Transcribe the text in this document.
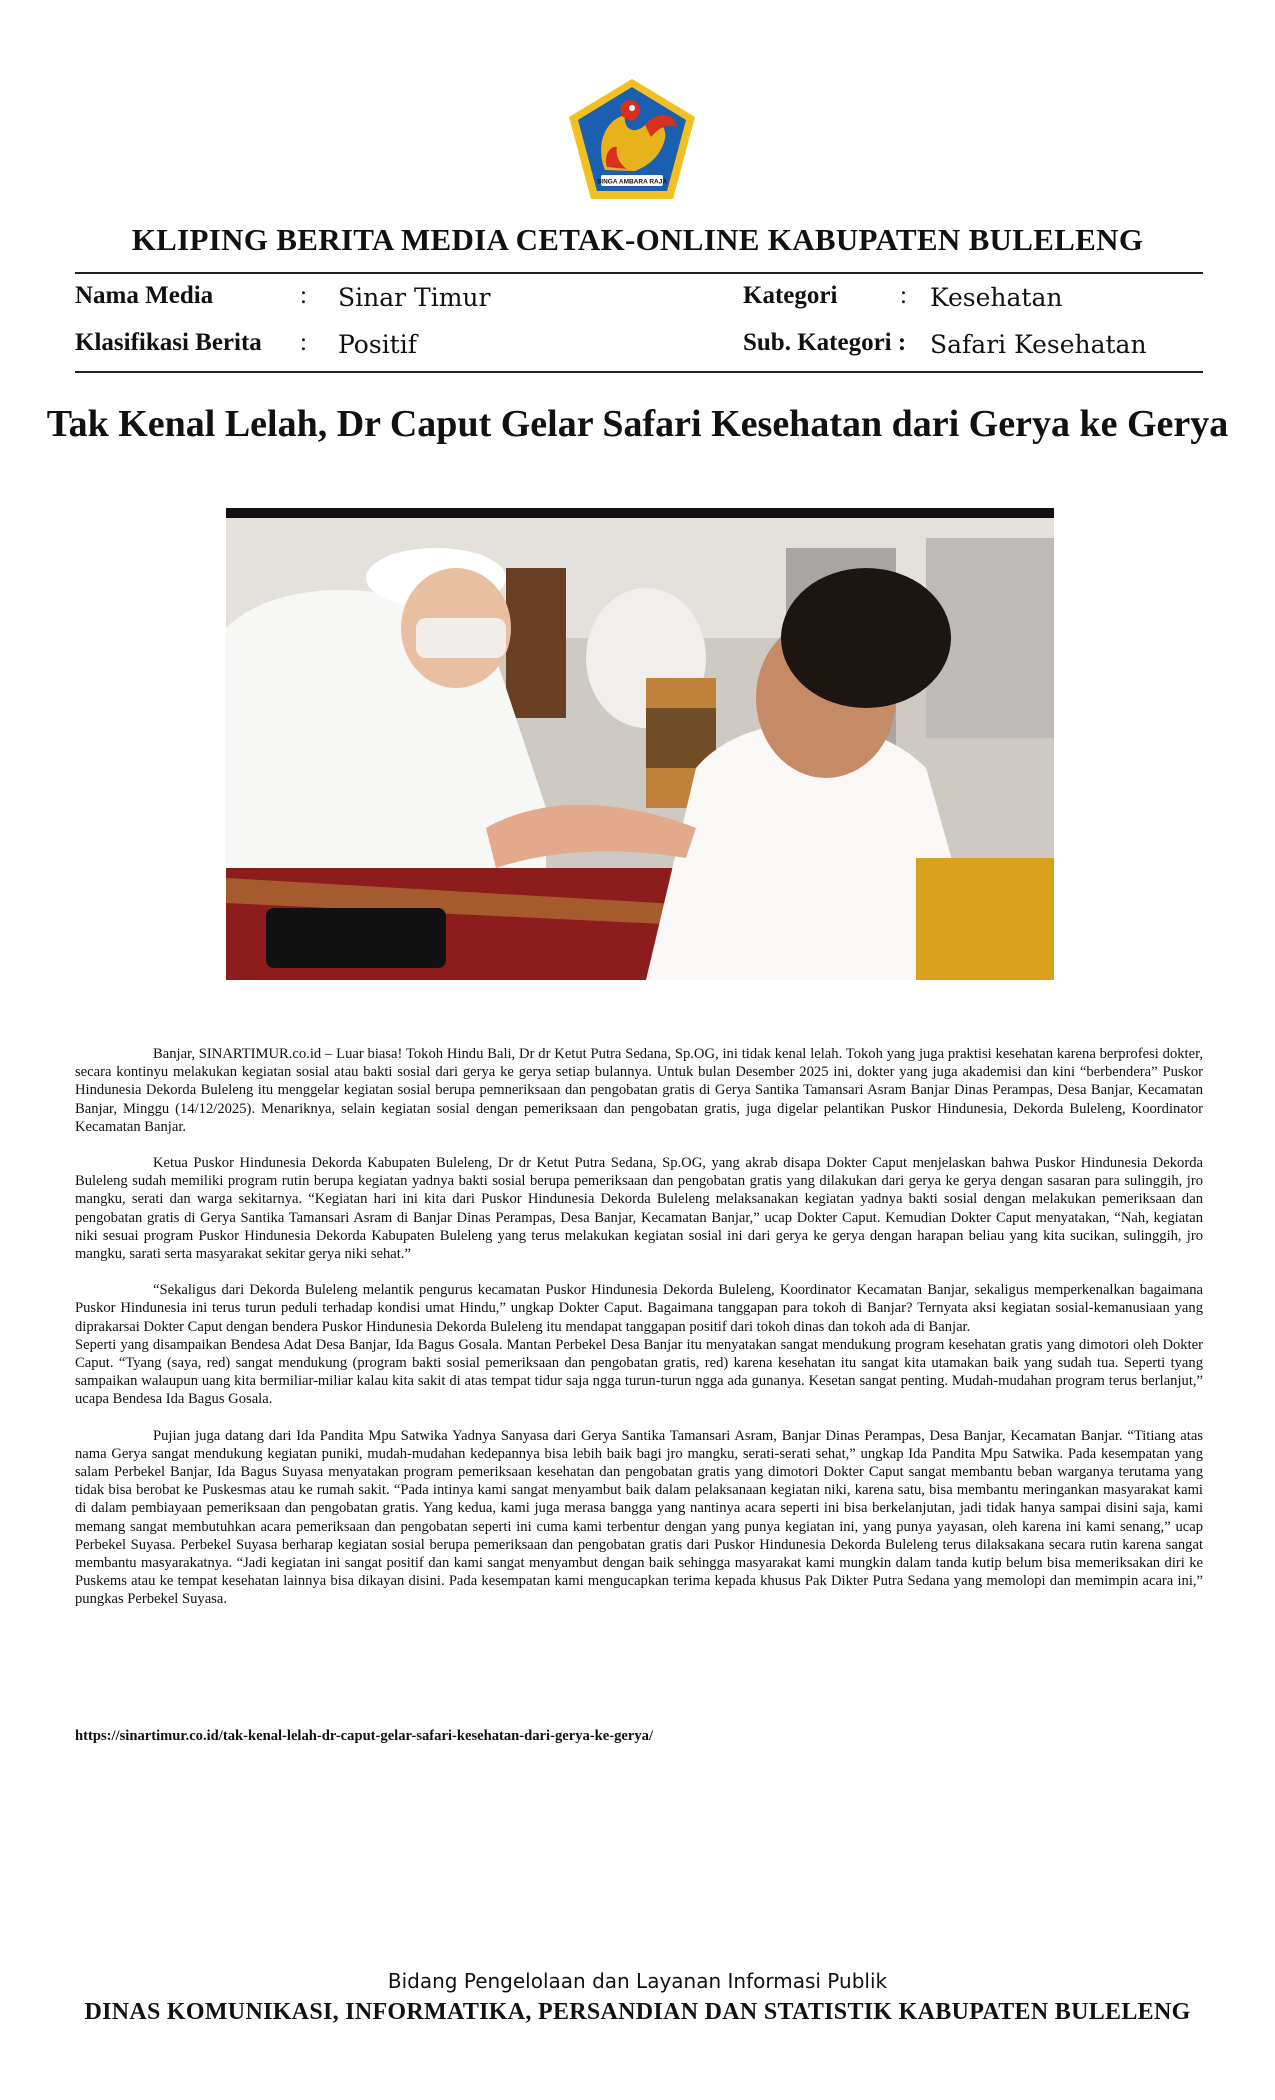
SINGA AMBARA RAJA
KLIPING BERITA MEDIA CETAK-ONLINE KABUPATEN BULELENG
Nama Media	: Sinar Timur
Klasifikasi Berita : Positif
Kategori	: Kesehatan
Sub. Kategori : Safari Kesehatan
Tak Kenal Lelah, Dr Caput Gelar Safari Kesehatan dari Gerya ke Gerya

Banjar, SINARTIMUR.co.id – Luar biasa! Tokoh Hindu Bali, Dr dr Ketut Putra Sedana, Sp.OG, ini tidak kenal lelah. Tokoh yang juga praktisi kesehatan karena berprofesi dokter, secara kontinyu melakukan kegiatan sosial atau bakti sosial dari gerya ke gerya setiap bulannya. Untuk bulan Desember 2025 ini, dokter yang juga akademisi dan kini “berbendera” Puskor Hindunesia Dekorda Buleleng itu menggelar kegiatan sosial berupa pemneriksaan dan pengobatan gratis di Gerya Santika Tamansari Asram Banjar Dinas Perampas, Desa Banjar, Kecamatan Banjar, Minggu (14/12/2025). Menariknya, selain kegiatan sosial dengan pemeriksaan dan pengobatan gratis, juga digelar pelantikan Puskor Hindunesia, Dekorda Buleleng, Koordinator Kecamatan Banjar.

Ketua Puskor Hindunesia Dekorda Kabupaten Buleleng, Dr dr Ketut Putra Sedana, Sp.OG, yang akrab disapa Dokter Caput menjelaskan bahwa Puskor Hindunesia Dekorda Buleleng sudah memiliki program rutin berupa kegiatan yadnya bakti sosial berupa pemeriksaan dan pengobatan gratis yang dilakukan dari gerya ke gerya dengan sasaran para sulinggih, jro mangku, serati dan warga sekitarnya. “Kegiatan hari ini kita dari Puskor Hindunesia Dekorda Buleleng melaksanakan kegiatan yadnya bakti sosial dengan melakukan pemeriksaan dan pengobatan gratis di Gerya Santika Tamansari Asram di Banjar Dinas Perampas, Desa Banjar, Kecamatan Banjar,” ucap Dokter Caput. Kemudian Dokter Caput menyatakan, “Nah, kegiatan niki sesuai program Puskor Hindunesia Dekorda Kabupaten Buleleng yang terus melakukan kegiatan sosial ini dari gerya ke gerya dengan harapan beliau yang kita sucikan, sulinggih, jro mangku, sarati serta masyarakat sekitar gerya niki sehat.”

“Sekaligus dari Dekorda Buleleng melantik pengurus kecamatan Puskor Hindunesia Dekorda Buleleng, Koordinator Kecamatan Banjar, sekaligus memperkenalkan bagaimana Puskor Hindunesia ini terus turun peduli terhadap kondisi umat Hindu,” ungkap Dokter Caput. Bagaimana tanggapan para tokoh di Banjar? Ternyata aksi kegiatan sosial-kemanusiaan yang diprakarsai Dokter Caput dengan bendera Puskor Hindunesia Dekorda Buleleng itu mendapat tanggapan positif dari tokoh dinas dan tokoh ada di Banjar.

Seperti yang disampaikan Bendesa Adat Desa Banjar, Ida Bagus Gosala. Mantan Perbekel Desa Banjar itu menyatakan sangat mendukung program kesehatan gratis yang dimotori oleh Dokter Caput. “Tyang (saya, red) sangat mendukung (program bakti sosial pemeriksaan dan pengobatan gratis, red) karena kesehatan itu sangat kita utamakan baik yang sudah tua. Seperti tyang sampaikan walaupun uang kita bermiliar-miliar kalau kita sakit di atas tempat tidur saja ngga turun-turun ngga ada gunanya. Kesetan sangat penting. Mudah-mudahan program terus berlanjut,” ucapa Bendesa Ida Bagus Gosala.

Pujian juga datang dari Ida Pandita Mpu Satwika Yadnya Sanyasa dari Gerya Santika Tamansari Asram, Banjar Dinas Perampas, Desa Banjar, Kecamatan Banjar. “Titiang atas nama Gerya sangat mendukung kegiatan puniki, mudah-mudahan kedepannya bisa lebih baik bagi jro mangku, serati-serati sehat,” ungkap Ida Pandita Mpu Satwika. Pada kesempatan yang salam Perbekel Banjar, Ida Bagus Suyasa menyatakan program pemeriksaan kesehatan dan pengobatan gratis yang dimotori Dokter Caput sangat membantu beban warganya terutama yang tidak bisa berobat ke Puskesmas atau ke rumah sakit. “Pada intinya kami sangat menyambut baik dalam pelaksanaan kegiatan niki, karena satu, bisa membantu meringankan masyarakat kami di dalam pembiayaan pemeriksaan dan pengobatan gratis. Yang kedua, kami juga merasa bangga yang nantinya acara seperti ini bisa berkelanjutan, jadi tidak hanya sampai disini saja, kami memang sangat membutuhkan acara pemeriksaan dan pengobatan seperti ini cuma kami terbentur dengan yang punya kegiatan ini, yang punya yayasan, oleh karena ini kami senang,” ucap Perbekel Suyasa. Perbekel Suyasa berharap kegiatan sosial berupa pemeriksaan dan pengobatan gratis dari Puskor Hindunesia Dekorda Buleleng terus dilaksakana secara rutin karena sangat membantu masyarakatnya. “Jadi kegiatan ini sangat positif dan kami sangat menyambut dengan baik sehingga masyarakat kami mungkin dalam tanda kutip belum bisa memeriksakan diri ke Puskems atau ke tempat kesehatan lainnya bisa dikayan disini. Pada kesempatan kami mengucapkan terima kepada khusus Pak Dikter Putra Sedana yang memolopi dan memimpin acara ini,” pungkas Perbekel Suyasa.

https://sinartimur.co.id/tak-kenal-lelah-dr-caput-gelar-safari-kesehatan-dari-gerya-ke-gerya/
Bidang Pengelolaan dan Layanan Informasi Publik
DINAS KOMUNIKASI, INFORMATIKA, PERSANDIAN DAN STATISTIK KABUPATEN BULELENG
